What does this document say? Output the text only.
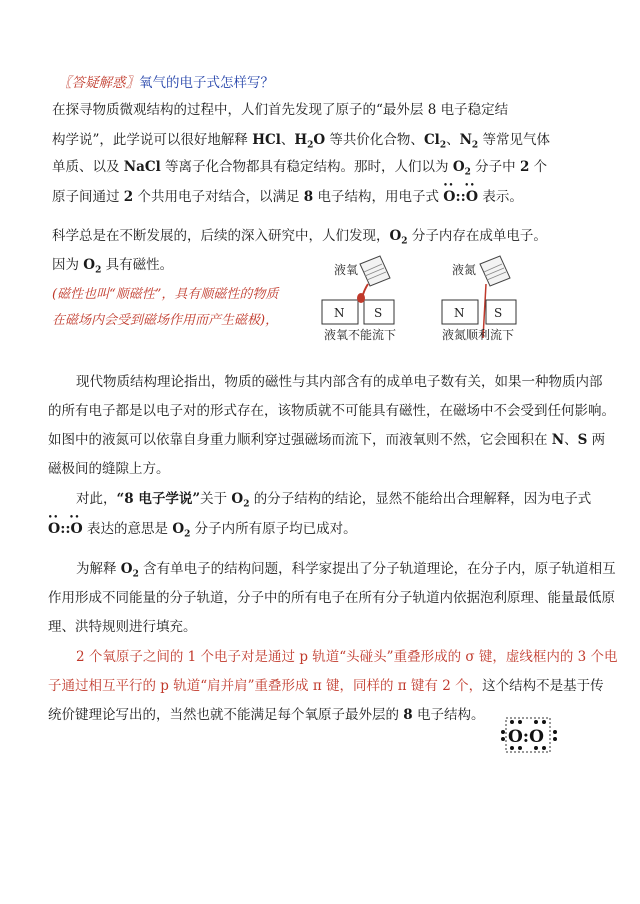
〖答疑解惑〗氧气的电子式怎样写？
在探寻物质微观结构的过程中，人们首先发现了原子的“最外层 8 电子稳定结
构学说”，此学说可以很好地解释 HCl、$H_2O$ 等共价化合物、$Cl_2$、$N_2$ 等常见气体
单质、以及 NaCl 等离子化合物都具有稳定结构。那时，人们以为 $O_2$ 分子中 2 个
原子间通过 2 个共用电子对结合，以满足 8 电子结构，用电子式
••   ••
O::O 表示。
科学总是在不断发展的，后续的深入研究中，人们发现，$O_2$ 分子内存在成单电子。
因为 $O_2$ 具有磁性。
(磁性也叫“顺磁性”，具有顺磁性的物质
在磁场内会受到磁场作用而产生磁极)，
液氧
N S
液氧不能流下
液氮
N S
液氮顺利流下
现代物质结构理论指出，物质的磁性与其内部含有的成单电子数有关，如果一种物质内部
的所有电子都是以电子对的形式存在，该物质就不可能具有磁性，在磁场中不会受到任何影响。
如图中的液氮可以依靠自身重力顺利穿过强磁场而流下，而液氧则不然，它会囤积在 N、S 两
磁极间的缝隙上方。
对此，“8 电子学说”关于 $O_2$ 的分子结构的结论，显然不能给出合理解释，因为电子式
••   ••
O::O 表达的意思是 $O_2$ 分子内所有原子均已成对。
为解释 $O_2$ 含有单电子的结构问题，科学家提出了分子轨道理论，在分子内，原子轨道相互
作用形成不同能量的分子轨道，分子中的所有电子在所有分子轨道内依据泡利原理、能量最低原
理、洪特规则进行填充。
2 个氧原子之间的 1 个电子对是通过 p 轨道“头碰头”重叠形成的 σ 键，虚线框内的 3 个电
子通过相互平行的 p 轨道“肩并肩”重叠形成 π 键，同样的 π 键有 2 个，这个结构不是基于传
统价键理论写出的，当然也就不能满足每个氧原子最外层的 8 电子结构。
O:O
